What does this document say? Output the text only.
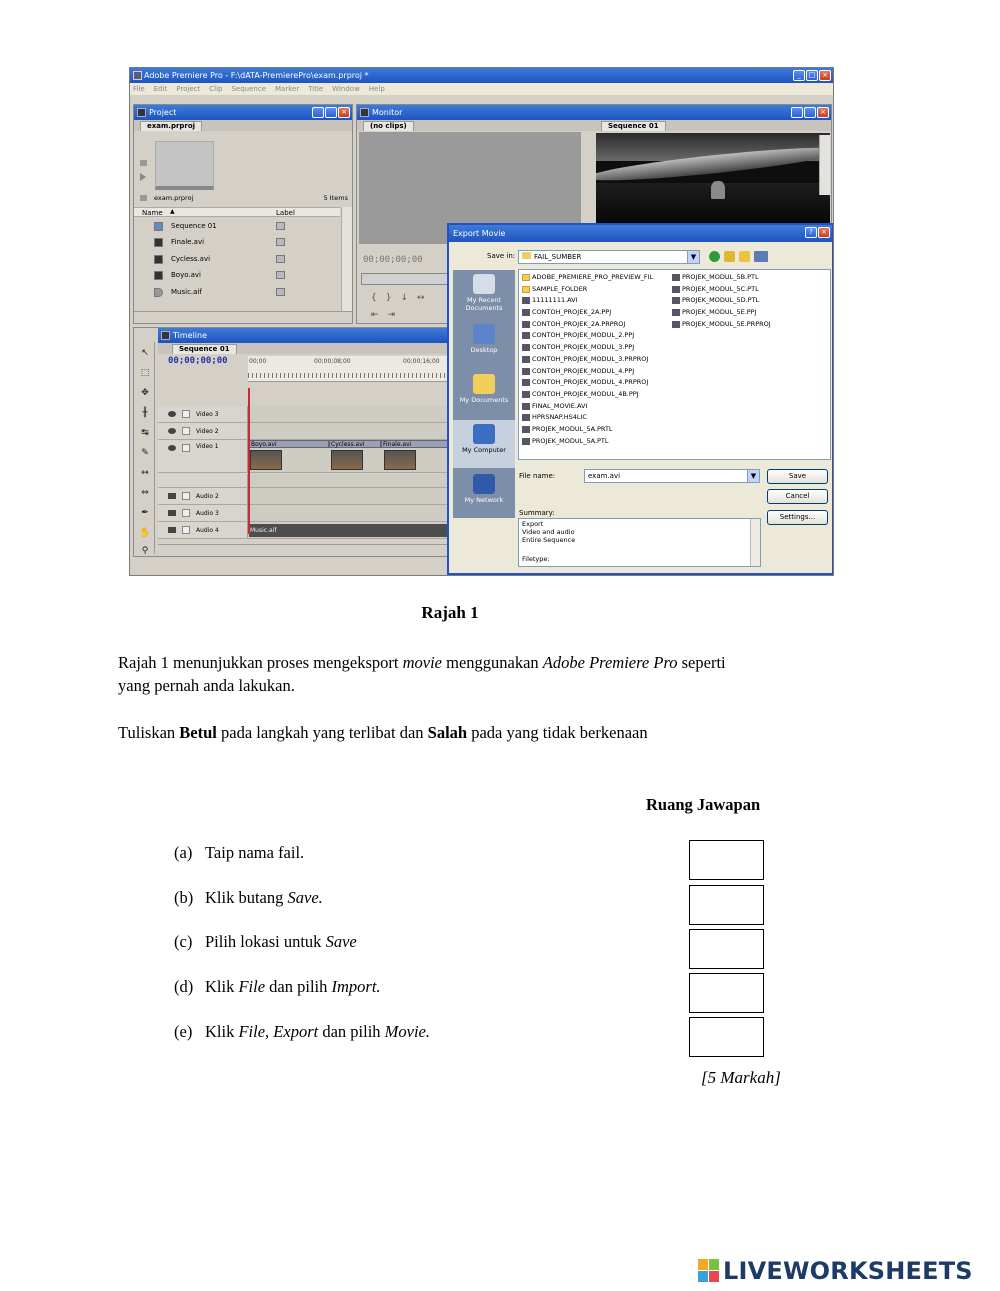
Adobe Premiere Pro - F:\dATA-PremierePro\exam.prproj *	_	□ ×
File Edit Project Clip Sequence Marker Title Window Help
Project	×
exam.prproj
exam.prproj	5 Items
Name ▲	Label
Sequence 01
Finale.avi
Cycless.avi
Boyo.avi
Music.aif
Monitor	×
(no clips)	Sequence 01
00;00;00;00
{}↓↔
⇤⇥
↖
⬚
✥
╫
↹
✎
↔
⇔
✒
✋
⚲
Timeline
Sequence 01
00;00;00;00	00;00	00;00;08;00	00;00;16;00
Video 3
Video 2
Video 1	Boyo.avi	Cycless.avi	Finale.avi
Audio 2
Audio 3
Audio 4	Music.aif
Export Movie	?	×
Save in:	FAIL_SUMBER	▼
My Recent Documents
Desktop
My Documents
My Computer
My Network
ADOBE_PREMIERE_PRO_PREVIEW_FIL
SAMPLE_FOLDER
11111111.AVI
CONTOH_PROJEK_2A.PPJ
CONTOH_PROJEK_2A.PRPROJ
CONTOH_PROJEK_MODUL_2.PPJ
CONTOH_PROJEK_MODUL_3.PPJ
CONTOH_PROJEK_MODUL_3.PRPROJ
CONTOH_PROJEK_MODUL_4.PPJ
CONTOH_PROJEK_MODUL_4.PRPROJ
CONTOH_PROJEK_MODUL_4B.PPJ
FINAL_MOVIE.AVI
HPRSNAP.HS4LIC
PROJEK_MODUL_5A.PRTL
PROJEK_MODUL_5A.PTL
PROJEK_MODUL_5B.PTL
PROJEK_MODUL_5C.PTL
PROJEK_MODUL_5D.PTL
PROJEK_MODUL_5E.PPJ
PROJEK_MODUL_5E.PRPROJ
File name:	exam.avi	▼	Save
Cancel
Settings...
Summary:
Export
Video and audio
Entire Sequence
Filetype:
Rajah 1
Rajah 1 menunjukkan proses mengeksport movie menggunakan Adobe Premiere Pro seperti
yang pernah anda lakukan.
Tuliskan Betul pada langkah yang terlibat dan Salah pada yang tidak berkenaan
Ruang Jawapan
(a) Taip nama fail.
(b) Klik butang Save.
(c) Pilih lokasi untuk Save
(d) Klik File dan pilih Import.
(e) Klik File, Export dan pilih Movie.
[5 Markah]
LIVEWORKSHEETS
